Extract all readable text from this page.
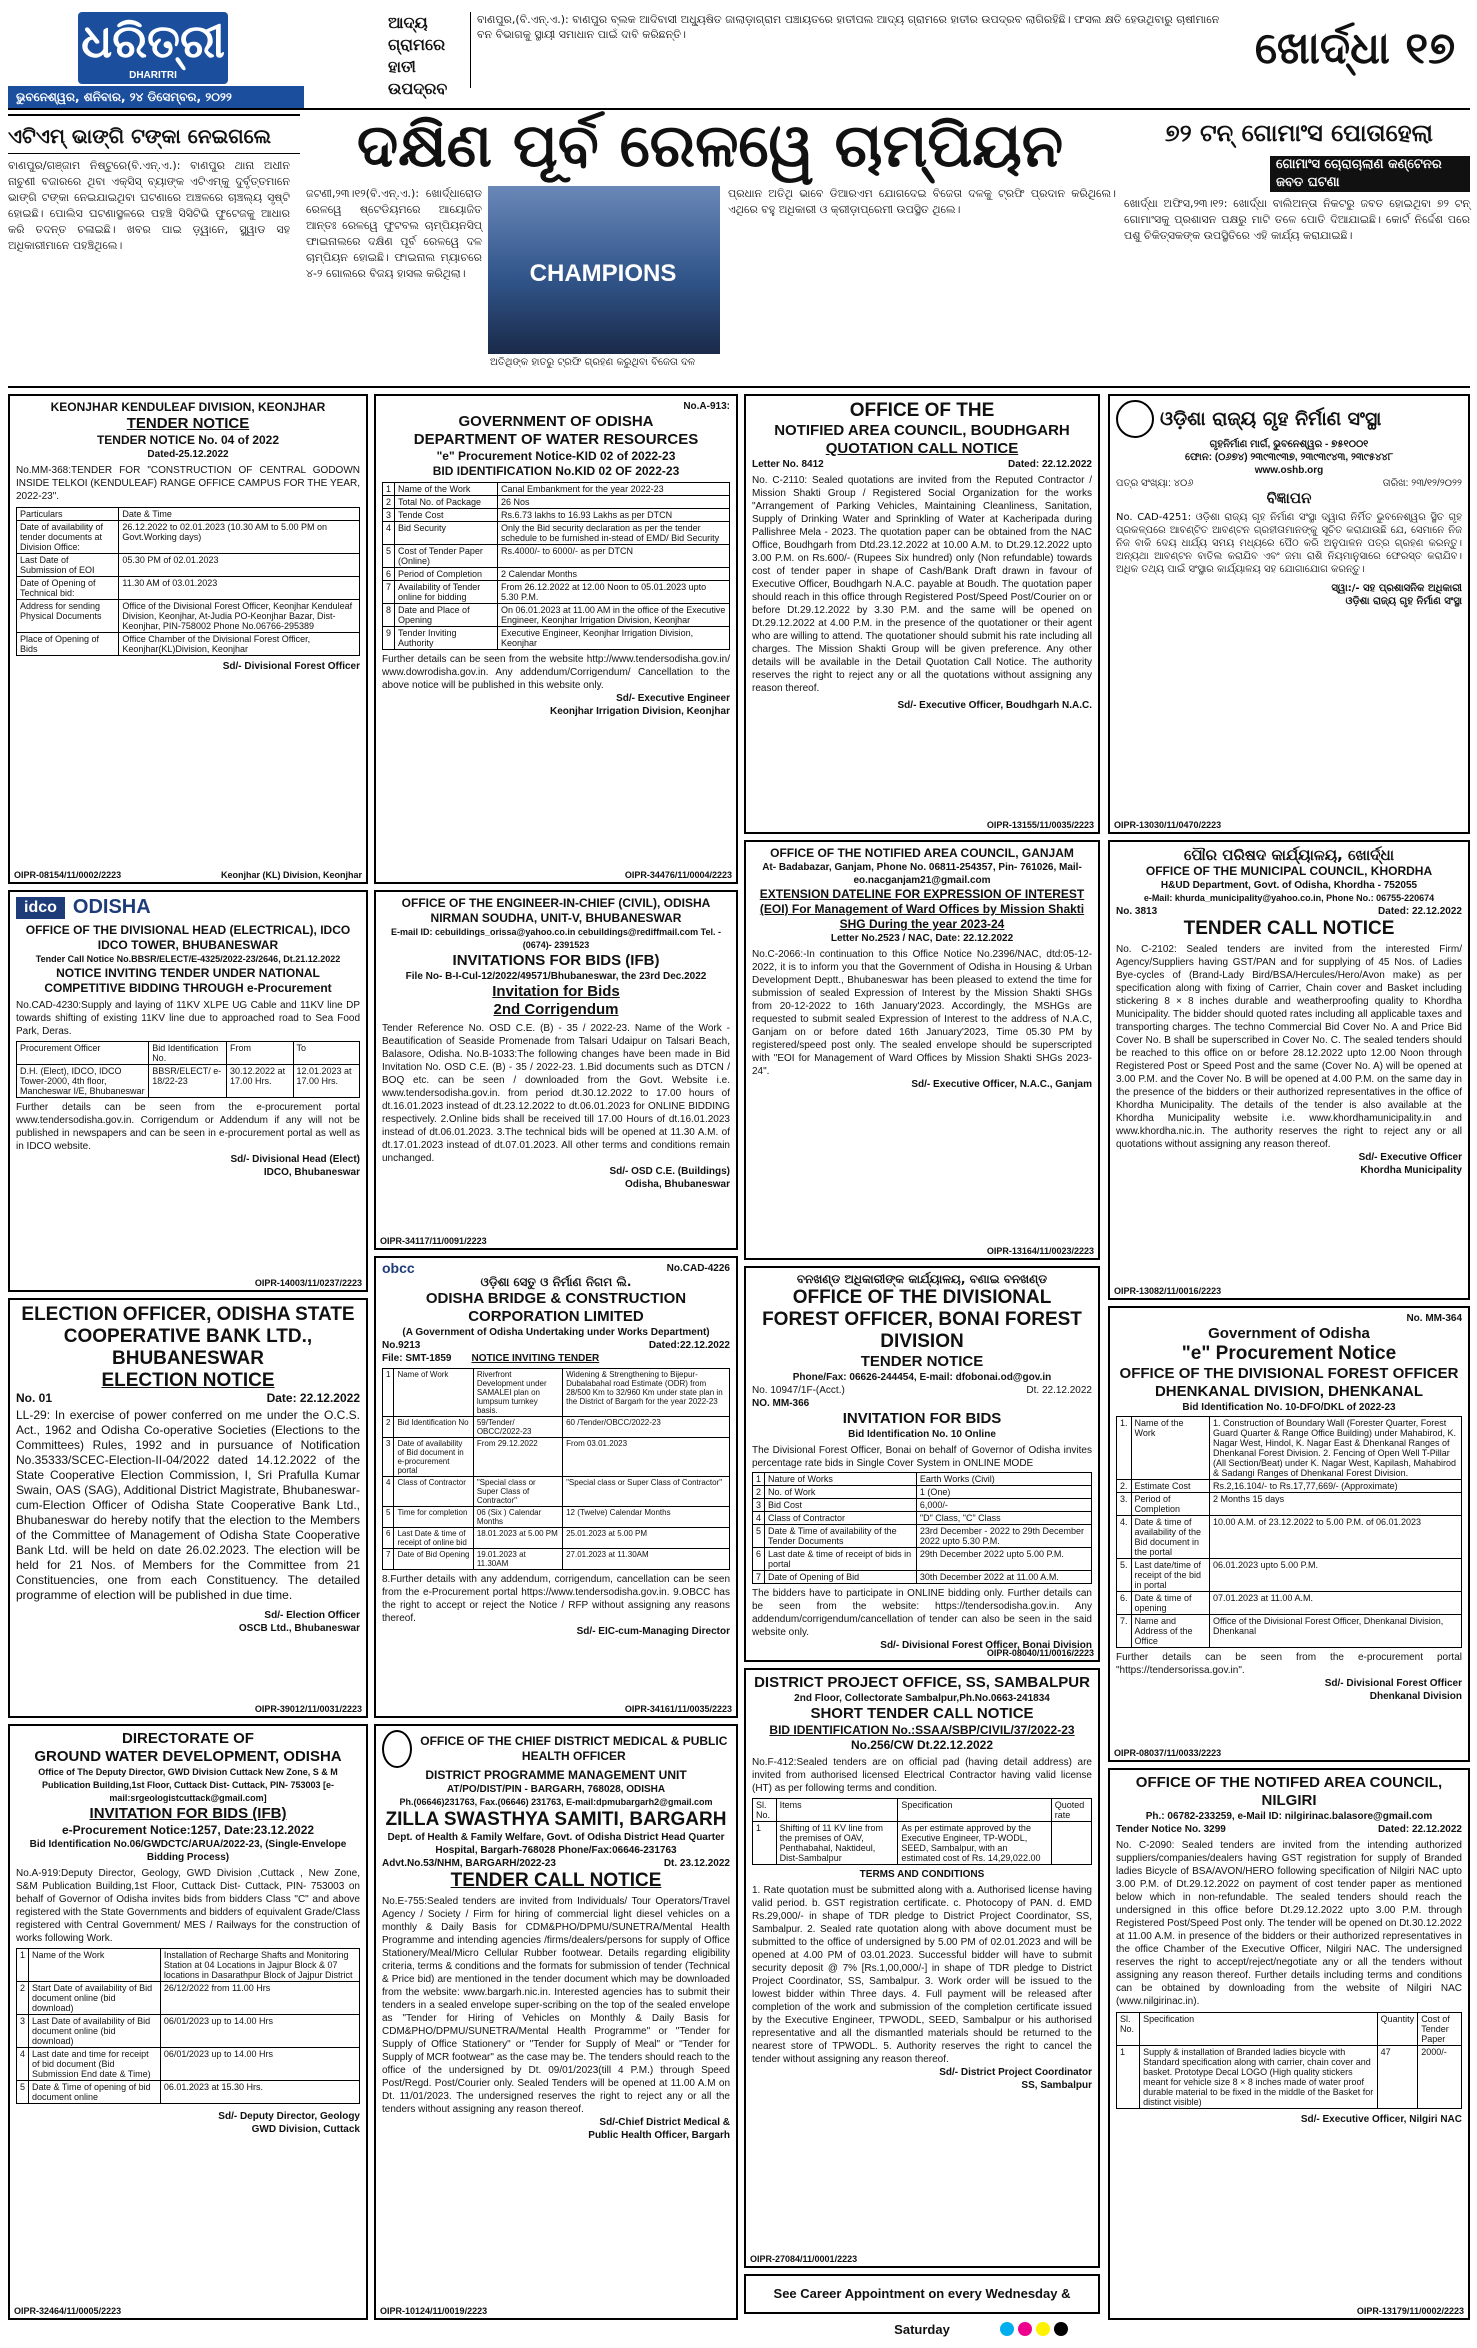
ଧରିତ୍ରୀ
DHARITRI
ଭୁବନେଶ୍ୱର, ଶନିବାର, ୨୪ ଡିସେମ୍ବର, ୨୦୨୨
ଆଦ୍ୟ ଗ୍ରାମରେ ହାତୀ ଉପଦ୍ରବ
ବାଣପୁର,(ବି.ଏନ୍.ଏ.): ବାଣପୁର ବ୍ଲକ ଆଦିବାସୀ ଅଧ୍ୟୁଷିତ ଜାଲାଡ଼ାଗ୍ରାମ ପଞ୍ଚାୟତରେ ହାତୀପଲ ଆଦ୍ୟ ଗ୍ରାମରେ ହାତୀର ଉପଦ୍ରବ ଲାଗିରହିଛି। ଫସଲ କ୍ଷତି ହେଉଥିବାରୁ ଚାଷୀମାନେ ବନ ବିଭାଗକୁ ସ୍ଥାୟୀ ସମାଧାନ ପାଇଁ ଦାବି କରିଛନ୍ତି।	ଖୋର୍ଦ୍ଧା ୧୭
ଏଟିଏମ୍ ଭାଙ୍ଗି ଟଙ୍କା ନେଇଗଲେ
ବାଣପୁର/ଗଞ୍ଜାମ ନିଷ୍ଟୁରେ(ବି.ଏନ୍.ଏ.): ବାଣପୁର ଥାନା ଅଧୀନ ନାଚୁଣୀ ବଜାରରେ ଥିବା ଏକ୍ସିସ୍ ବ୍ୟାଙ୍କ ଏଟିଏମ୍‌କୁ ଦୁର୍ବୃତ୍ତମାନେ ଭାଙ୍ଗି ଟଙ୍କା ନେଇଯାଇଥିବା ଘଟଣାରେ ଅଞ୍ଚଳରେ ଚାଞ୍ଚଲ୍ୟ ସୃଷ୍ଟି ହୋଇଛି। ପୋଲିସ ଘଟଣାସ୍ଥଳରେ ପହଞ୍ଚି ସିସିଟିଭି ଫୁଟେଜକୁ ଆଧାର କରି ତଦନ୍ତ ଚଳାଇଛି। ଖବର ପାଇ ଡ଼୍ୱାନେ, ସ୍କ୍ୱାଡ ସହ ଅଧିକାରୀମାନେ ପହଞ୍ଚିଥିଲେ।
ଦକ୍ଷିଣ ପୂର୍ବ ରେଳୱେ ଚାମ୍ପିୟନ
ଜଟଣୀ,୨୩।୧୨(ବି.ଏନ୍.ଏ.): ଖୋର୍ଦ୍ଧାରୋଡ ରେଳୱେ ଷ୍ଟେଡିୟମରେ ଆୟୋଜିତ ଆନ୍ତଃ ରେଳୱେ ଫୁଟବଲ ଚାମ୍ପିୟନସିପ୍ ଫାଇନାଲରେ ଦକ୍ଷିଣ ପୂର୍ବ ରେଳୱେ ଦଳ ଚାମ୍ପିୟନ ହୋଇଛି। ଫାଇନାଲ ମ୍ୟାଚରେ ୪-୨ ଗୋଲରେ ବିଜୟ ହାସଲ କରିଥିଲା।	CHAMPIONS
ଅତିଥିଙ୍କ ହାତରୁ ଟ୍ରଫି ଗ୍ରହଣ କରୁଥିବା ବିଜେତା ଦଳ
ପ୍ରଧାନ ଅତିଥି ଭାବେ ଡିଆରଏମ ଯୋଗଦେଇ ବିଜେତା ଦଳକୁ ଟ୍ରଫି ପ୍ରଦାନ କରିଥିଲେ। ଏଥିରେ ବହୁ ଅଧିକାରୀ ଓ କ୍ରୀଡ଼ାପ୍ରେମୀ ଉପସ୍ଥିତ ଥିଲେ।
୭୨ ଟନ୍ ଗୋମାଂସ ପୋତାହେଲା
ଗୋମାଂସ ଚୋରାଚାଲାଣ କଣ୍ଟେନର ଜବତ ଘଟଣା
ଖୋର୍ଦ୍ଧା ଅଫିସ,୨୩।୧୨: ଖୋର୍ଦ୍ଧା ବାଲିଅନ୍ତା ନିକଟରୁ ଜବତ ହୋଇଥିବା ୭୨ ଟନ୍ ଗୋମାଂସକୁ ପ୍ରଶାସନ ପକ୍ଷରୁ ମାଟି ତଳେ ପୋତି ଦିଆଯାଇଛି। କୋର୍ଟ ନିର୍ଦ୍ଦେଶ ପରେ ପଶୁ ଚିକିତ୍ସକଙ୍କ ଉପସ୍ଥିତିରେ ଏହି କାର୍ଯ୍ୟ କରାଯାଇଛି।
KEONJHAR KENDULEAF DIVISION, KEONJHAR
TENDER NOTICE
TENDER NOTICE No. 04 of 2022
Dated-25.12.2022
No.MM-368:TENDER FOR "CONSTRUCTION OF CENTRAL GODOWN INSIDE TELKOI (KENDULEAF) RANGE OFFICE CAMPUS FOR THE YEAR, 2022-23".
Particulars	Date & Time
Date of availability of tender documents at Division Office:	26.12.2022 to 02.01.2023 (10.30 AM to 5.00 PM on Govt.Working days)
Last Date of Submission of EOI	05.30 PM of 02.01.2023
Date of Opening of Technical bid:	11.30 AM of 03.01.2023
Address for sending Physical Documents	Office of the Divisional Forest Officer, Keonjhar Kenduleaf Division, Keonjhar, At-Judia PO-Keonjhar Bazar, Dist-Keonjhar, PIN-758002 Phone No.06766-295389
Place of Opening of Bids	Office Chamber of the Divisional Forest Officer, Keonjhar(KL)Division, Keonjhar
Sd/- Divisional Forest Officer
OIPR-08154/11/0002/2223	Keonjhar (KL) Division, Keonjhar
No.A-913:
GOVERNMENT OF ODISHA
DEPARTMENT OF WATER RESOURCES
"e" Procurement Notice-KID 02 of 2022-23
BID IDENTIFICATION No.KID 02 OF 2022-23
1	Name of the Work	Canal Embankment for the year 2022-23
2	Total No. of Package	26 Nos
3	Tende Cost	Rs.6.73 lakhs to 16.93 Lakhs as per DTCN
4	Bid Security	Only the Bid security declaration as per the tender schedule to be furnished in-stead of EMD/ Bid Security
5	Cost of Tender Paper (Online)	Rs.4000/- to 6000/- as per DTCN
6	Period of Completion	2 Calendar Months
7	Availability of Tender online for bidding	From 26.12.2022 at 12.00 Noon to 05.01.2023 upto 5.30 P.M.
8	Date and Place of Opening	On 06.01.2023 at 11.00 AM in the office of the Executive Engineer, Keonjhar Irrigation Division, Keonjhar
9	Tender Inviting Authority	Executive Engineer, Keonjhar Irrigation Division, Keonjhar
Further details can be seen from the website http://www.tendersodisha.gov.in/ www.dowrodisha.gov.in. Any addendum/Corrigendum/ Cancellation to the above notice will be published in this website only.
Sd/- Executive Engineer
Keonjhar Irrigation Division, Keonjhar
OIPR-34476/11/0004/2223
OFFICE OF THE
NOTIFIED AREA COUNCIL, BOUDHGARH
QUOTATION CALL NOTICE
Letter No. 8412	Dated: 22.12.2022
No. C-2110: Sealed quotations are invited from the Reputed Contractor / Mission Shakti Group / Registered Social Organization for the works "Arrangement of Parking Vehicles, Maintaining Cleanliness, Sanitation, Supply of Drinking Water and Sprinkling of Water at Kacheripada during Pallishree Mela - 2023. The quotation paper can be obtained from the NAC Office, Boudhgarh from Dtd.23.12.2022 at 10.00 A.M. to Dt.29.12.2022 upto 3.00 P.M. on Rs.600/- (Rupees Six hundred) only (Non refundable) towards cost of tender paper in shape of Cash/Bank Draft drawn in favour of Executive Officer, Boudhgarh N.A.C. payable at Boudh. The quotation paper should reach in this office through Registered Post/Speed Post/Courier on or before Dt.29.12.2022 by 3.30 P.M. and the same will be opened on Dt.29.12.2022 at 4.00 P.M. in the presence of the quotationer or their agent who are willing to attend. The quotationer should submit his rate including all charges. The Mission Shakti Group will be given preference. Any other details will be available in the Detail Quotation Call Notice. The authority reserves the right to reject any or all the quotations without assigning any reason thereof.
Sd/- Executive Officer, Boudhgarh N.A.C.
OIPR-13155/11/0035/2223
ଓଡ଼ିଶା ରାଜ୍ୟ ଗୃହ ନିର୍ମାଣ ସଂସ୍ଥା
ଗୃହନିର୍ମାଣ ମାର୍ଗ, ଭୁବନେଶ୍ୱର - ୭୫୧୦୦୧
ଫୋନ: (୦୬୭୪) ୨୩୯୩୯୩୭, ୨୩୯୩୯୪୩, ୨୩୯୫୪୪୮
www.oshb.org
ପତ୍ର ସଂଖ୍ୟା: ୪୦୬	ତାରିଖ: ୨୩/୧୨/୨୦୨୨
ବିଜ୍ଞାପନ
No. CAD-4251: ଓଡ଼ିଶା ରାଜ୍ୟ ଗୃହ ନିର୍ମାଣ ସଂସ୍ଥା ଦ୍ୱାରା ନିର୍ମିତ ଭୁବନେଶ୍ୱର ସ୍ଥିତ ଗୃହ ପ୍ରକଳ୍ପରେ ଆବଣ୍ଟିତ ଆବଣ୍ଟନ ଗ୍ରହୀତାମାନଙ୍କୁ ସୂଚିତ କରାଯାଉଛି ଯେ, ସେମାନେ ନିଜ ନିଜ ବାକି ଦେୟ ଧାର୍ଯ୍ୟ ସମୟ ମଧ୍ୟରେ ପୈଠ କରି ଅନୁପାଳନ ପତ୍ର ଗ୍ରହଣ କରନ୍ତୁ। ଅନ୍ୟଥା ଆବଣ୍ଟନ ବାତିଲ କରାଯିବ ଏବଂ ଜମା ରାଶି ନିୟମାନୁସାରେ ଫେରସ୍ତ କରାଯିବ। ଅଧିକ ତଥ୍ୟ ପାଇଁ ସଂସ୍ଥାର କାର୍ଯ୍ୟାଳୟ ସହ ଯୋଗାଯୋଗ କରନ୍ତୁ।
ସ୍ୱା:/- ସହ ପ୍ରଶାସନିକ ଅଧିକାରୀ
ଓଡ଼ିଶା ରାଜ୍ୟ ଗୃହ ନିର୍ମାଣ ସଂସ୍ଥା
OIPR-13030/11/0470/2223
idco ODISHA
OFFICE OF THE DIVISIONAL HEAD (ELECTRICAL), IDCO
IDCO TOWER, BHUBANESWAR
Tender Call Notice No.BBSR/ELECT/E-4325/2022-23/2646, Dt.21.12.2022
NOTICE INVITING TENDER UNDER NATIONAL COMPETITIVE BIDDING THROUGH e-Procurement
No.CAD-4230:Supply and laying of 11KV XLPE UG Cable and 11KV line DP towards shifting of existing 11KV line due to approached road to Sea Food Park, Deras.
Procurement Officer	Bid Identification No.	From	To
D.H. (Elect), IDCO, IDCO Tower-2000, 4th floor, Mancheswar I/E, Bhubaneswar	BBSR/ELECT/ e-18/22-23	30.12.2022 at 17.00 Hrs.	12.01.2023 at 17.00 Hrs.
Further details can be seen from the e-procurement portal www.tendersodisha.gov.in. Corrigendum or Addendum if any will not be published in newspapers and can be seen in e-procurement portal as well as in IDCO website.
Sd/- Divisional Head (Elect)
IDCO, Bhubaneswar
OIPR-14003/11/0237/2223
OFFICE OF THE ENGINEER-IN-CHIEF (CIVIL), ODISHA
NIRMAN SOUDHA, UNIT-V, BHUBANESWAR
E-mail ID: cebuildings_orissa@yahoo.co.in cebuildings@rediffmail.com Tel. -(0674)- 2391523
INVITATIONS FOR BIDS (IFB)
File No- B-I-Cul-12/2022/49571/Bhubaneswar, the 23rd Dec.2022
Invitation for Bids
2nd Corrigendum
Tender Reference No. OSD C.E. (B) - 35 / 2022-23. Name of the Work - Beautification of Seaside Promenade from Talsari Udaipur on Talsari Beach, Balasore, Odisha. No.B-1033:The following changes have been made in Bid Invitation No. OSD C.E. (B) - 35 / 2022-23. 1.Bid documents such as DTCN / BOQ etc. can be seen / downloaded from the Govt. Website i.e. www.tendersodisha.gov.in. from period dt.30.12.2022 to 17.00 hours of dt.16.01.2023 instead of dt.23.12.2022 to dt.06.01.2023 for ONLINE BIDDING respectively. 2.Online bids shall be received till 17.00 Hours of dt.16.01.2023 instead of dt.06.01.2023. 3.The technical bids will be opened at 11.30 A.M. of dt.17.01.2023 instead of dt.07.01.2023. All other terms and conditions remain unchanged.
Sd/- OSD C.E. (Buildings)
Odisha, Bhubaneswar
OIPR-34117/11/0091/2223
OFFICE OF THE NOTIFIED AREA COUNCIL, GANJAM
At- Badabazar, Ganjam, Phone No. 06811-254357, Pin- 761026, Mail-eo.nacganjam21@gmail.com
EXTENSION DATELINE FOR EXPRESSION OF INTEREST (EOI) For Management of Ward Offices by Mission Shakti SHG During the year 2023-24
Letter No.2523 / NAC, Date: 22.12.2022
No.C-2066:-In continuation to this Office Notice No.2396/NAC, dtd:05-12-2022, it is to inform you that the Government of Odisha in Housing & Urban Development Deptt., Bhubaneswar has been pleased to extend the time for submission of sealed Expression of Interest by the Mission Shakti SHGs from 20-12-2022 to 16th January'2023. Accordingly, the MSHGs are requested to submit sealed Expression of Interest to the address of N.A.C, Ganjam on or before dated 16th January'2023, Time 05.30 PM by registered/speed post only. The sealed envelope should be superscripted with "EOI for Management of Ward Offices by Mission Shakti SHGs 2023-24".
Sd/- Executive Officer, N.A.C., Ganjam
OIPR-13164/11/0023/2223
ପୌର ପରିଷଦ କାର୍ଯ୍ୟାଳୟ, ଖୋର୍ଦ୍ଧା
OFFICE OF THE MUNICIPAL COUNCIL, KHORDHA
H&UD Department, Govt. of Odisha, Khordha - 752055
e-Mail: khurda_municipality@yahoo.co.in, Phone No.: 06755-220674
No. 3813	Dated: 22.12.2022
TENDER CALL NOTICE
No. C-2102: Sealed tenders are invited from the interested Firm/ Agency/Suppliers having GST/PAN and for supplying of 45 Nos. of Ladies Bye-cycles of (Brand-Lady Bird/BSA/Hercules/Hero/Avon make) as per specification along with fixing of Carrier, Chain cover and Basket including stickering 8 × 8 inches durable and weatherproofing quality to Khordha Municipality. The bidder should quoted rates including all applicable taxes and transporting charges. The techno Commercial Bid Cover No. A and Price Bid Cover No. B shall be superscribed in Cover No. C. The sealed tenders should be reached to this office on or before 28.12.2022 upto 12.00 Noon through Registered Post or Speed Post and the same (Cover No. A) will be opened at 3.00 P.M. and the Cover No. B will be opened at 4.00 P.M. on the same day in the presence of the bidders or their authorized representatives in the office of Khordha Municipality. The details of the tender is also available at the Khordha Municipality website i.e. www.khordhamunicipality.in and www.khordha.nic.in. The authority reserves the right to reject any or all quotations without assigning any reason thereof.
Sd/- Executive Officer
Khordha Municipality
OIPR-13082/11/0016/2223
ELECTION OFFICER, ODISHA STATE COOPERATIVE BANK LTD., BHUBANESWAR
ELECTION NOTICE
No. 01	Date: 22.12.2022
LL-29: In exercise of power conferred on me under the O.C.S. Act., 1962 and Odisha Co-operative Societies (Elections to the Committees) Rules, 1992 and in pursuance of Notification No.35333/SCEC-Election-II-04/2022 dated 14.12.2022 of the State Cooperative Election Commission, I, Sri Prafulla Kumar Swain, OAS (SAG), Additional District Magistrate, Bhubaneswar-cum-Election Officer of Odisha State Cooperative Bank Ltd., Bhubaneswar do hereby notify that the election to the Members of the Committee of Management of Odisha State Cooperative Bank Ltd. will be held on date 26.02.2023. The election will be held for 21 Nos. of Members for the Committee from 21 Constituencies, one from each Constituency. The detailed programme of election will be published in due time.
Sd/- Election Officer
OSCB Ltd., Bhubaneswar
OIPR-39012/11/0031/2223
obcc	No.CAD-4226
ଓଡ଼ିଶା ସେତୁ ଓ ନିର୍ମାଣ ନିଗମ ଲି.
ODISHA BRIDGE & CONSTRUCTION CORPORATION LIMITED
(A Government of Odisha Undertaking under Works Department)
No.9213	Dated:22.12.2022
File: SMT-1859 NOTICE INVITING TENDER
1	Name of Work	Riverfront Development under SAMALEI plan on lumpsum turnkey basis.	Widening & Strengthening to Bijepur- Dubalabahal road Estimate (ODR) from 28/500 Km to 32/960 Km under state plan in the District of Bargarh for the year 2022-23
2	Bid Identification No	59/Tender/ OBCC/2022-23	60 /Tender/OBCC/2022-23
3	Date of availability of Bid document in e-procurement portal	From 29.12.2022	From 03.01.2023
4	Class of Contractor	"Special class or Super Class of Contractor"	"Special class or Super Class of Contractor"
5	Time for completion	06 (Six ) Calendar Months	12 (Twelve) Calendar Months
6	Last Date & time of receipt of online bid	18.01.2023 at 5.00 PM	25.01.2023 at 5.00 PM
7	Date of Bid Opening	19.01.2023 at 11.30AM	27.01.2023 at 11.30AM
8.Further details with any addendum, corrigendum, cancellation can be seen from the e-Procurement portal https://www.tendersodisha.gov.in. 9.OBCC has the right to accept or reject the Notice / RFP without assigning any reasons thereof.
Sd/- EIC-cum-Managing Director
OIPR-34161/11/0035/2223
ବନଖଣ୍ଡ ଅଧିକାରୀଙ୍କ କାର୍ଯ୍ୟାଳୟ, ବଣାଇ ବନଖଣ୍ଡ
OFFICE OF THE DIVISIONAL FOREST OFFICER, BONAI FOREST DIVISION
TENDER NOTICE
Phone/Fax: 06626-244454, E-mail: dfobonai.od@gov.in
No. 10947/1F-(Acct.)	Dt. 22.12.2022
NO. MM-366
INVITATION FOR BIDS
Bid Identification No. 10 Online
The Divisional Forest Officer, Bonai on behalf of Governor of Odisha invites percentage rate bids in Single Cover System in ONLINE MODE
1	Nature of Works	Earth Works (Civil)
2	No. of Work	1 (One)
3	Bid Cost	6,000/-
4	Class of Contractor	"D" Class, "C" Class
5	Date & Time of availability of the Tender Documents	23rd December - 2022 to 29th December 2022 upto 5.30 P.M.
6	Last date & time of receipt of bids in portal	29th December 2022 upto 5.00 P.M.
7	Date of Opening of Bid	30th December 2022 at 11.00 A.M.
The bidders have to participate in ONLINE bidding only. Further details can be seen from the website: https://tendersodisha.gov.in. Any addendum/corrigendum/cancellation of tender can also be seen in the said website only.
Sd/- Divisional Forest Officer, Bonai Division
OIPR-08040/11/0016/2223
No. MM-364
Government of Odisha
"e" Procurement Notice
OFFICE OF THE DIVISIONAL FOREST OFFICER DHENKANAL DIVISION, DHENKANAL
Bid Identification No. 10-DFO/DKL of 2022-23
1.	Name of the Work	1. Construction of Boundary Wall (Forester Quarter, Forest Guard Quarter & Range Office Building) under Mahabirod, K. Nagar West, Hindol, K. Nagar East & Dhenkanal Ranges of Dhenkanal Forest Division. 2. Fencing of Open Well T-Pillar (All Section/Beat) under K. Nagar West, Kapilash, Mahabirod & Sadangi Ranges of Dhenkanal Forest Division.
2.	Estimate Cost	Rs.2,16.104/- to Rs.17,77,669/- (Approximate)
3.	Period of Completion	2 Months 15 days
4.	Date & time of availability of the Bid document in the portal	10.00 A.M. of 23.12.2022 to 5.00 P.M. of 06.01.2023
5.	Last date/time of receipt of the bid in portal	06.01.2023 upto 5.00 P.M.
6.	Date & time of opening	07.01.2023 at 11.00 A.M.
7.	Name and Address of the Office	Office of the Divisional Forest Officer, Dhenkanal Division, Dhenkanal
Further details can be seen from the e-procurement portal "https://tendersorissa.gov.in".
Sd/- Divisional Forest Officer
Dhenkanal Division
OIPR-08037/11/0033/2223
DIRECTORATE OF
GROUND WATER DEVELOPMENT, ODISHA
Office of The Deputy Director, GWD Division Cuttack New Zone, S & M Publication Building,1st Floor, Cuttack Dist- Cuttack, PIN- 753003 [e-mail:srgeologistcuttack@gmail.com]
INVITATION FOR BIDS (IFB)
e-Procurement Notice:1257, Date:23.12.2022
Bid Identification No.06/GWDCTC/ARUA/2022-23, (Single-Envelope Bidding Process)
No.A-919:Deputy Director, Geology, GWD Division ,Cuttack , New Zone, S&M Publication Building,1st Floor, Cuttack Dist- Cuttack, PIN- 753003 on behalf of Governor of Odisha invites bids from bidders Class "C" and above registered with the State Governments and bidders of equivalent Grade/Class registered with Central Government/ MES / Railways for the construction of works following Work.
1	Name of the Work	Installation of Recharge Shafts and Monitoring Station at 04 Locations in Jajpur Block & 07 locations in Dasarathpur Block of Jajpur District
2	Start Date of availability of Bid document online (bid download)	26/12/2022 from 11.00 Hrs
3	Last Date of availability of Bid document online (bid download)	06/01/2023 up to 14.00 Hrs
4	Last date and time for receipt of bid document (Bid Submission End date & Time)	06/01/2023 up to 14.00 Hrs
5	Date & Time of opening of bid document online	06.01.2023 at 15.30 Hrs.
Sd/- Deputy Director, Geology
GWD Division, Cuttack
OIPR-32464/11/0005/2223
OFFICE OF THE CHIEF DISTRICT MEDICAL & PUBLIC HEALTH OFFICER
DISTRICT PROGRAMME MANAGEMENT UNIT
AT/PO/DIST/PIN - BARGARH, 768028, ODISHA
Ph.(06646)231763, Fax.(06646) 231763, E-mail:dpmubargarh2@gmail.com
ZILLA SWASTHYA SAMITI, BARGARH
Dept. of Health & Family Welfare, Govt. of Odisha District Head Quarter Hospital, Bargarh-768028 Phone/Fax:06646-231763
Advt.No.53/NHM, BARGARH/2022-23	Dt. 23.12.2022
TENDER CALL NOTICE
No.E-755:Sealed tenders are invited from Individuals/ Tour Operators/Travel Agency / Society / Firm for hiring of commercial light diesel vehicles on a monthly & Daily Basis for CDM&PHO/DPMU/SUNETRA/Mental Health Programme and intending agencies /firms/dealers/persons for supply of Office Stationery/Meal/Micro Cellular Rubber footwear. Details regarding eligibility criteria, terms & conditions and the formats for submission of tender (Technical & Price bid) are mentioned in the tender document which may be downloaded from the website: www.bargarh.nic.in. Interested agencies has to submit their tenders in a sealed envelope super-scribing on the top of the sealed envelope as "Tender for Hiring of Vehicles on Monthly & Daily Basis for CDM&PHO/DPMU/SUNETRA/Mental Health Programme" or "Tender for Supply of Office Stationery" or "Tender for Supply of Meal" or "Tender for Supply of MCR footwear" as the case may be. The tenders should reach to the office of the undersigned by Dt. 09/01/2023(till 4 P.M.) through Speed Post/Regd. Post/Courier only. Sealed Tenders will be opened at 11.00 A.M on Dt. 11/01/2023. The undersigned reserves the right to reject any or all the tenders without assigning any reason thereof.
Sd/-Chief District Medical &
Public Health Officer, Bargarh
OIPR-10124/11/0019/2223
DISTRICT PROJECT OFFICE, SS, SAMBALPUR
2nd Floor, Collectorate Sambalpur,Ph.No.0663-241834
SHORT TENDER CALL NOTICE
BID IDENTIFICATION No.:SSAA/SBP/CIVIL/37/2022-23
No.256/CW Dt.22.12.2022
No.F-412:Sealed tenders are on official pad (having detail address) are invited from authorised licensed Electrical Contractor having valid license (HT) as per following terms and condition.
Sl. No.	Items	Specification	Quoted rate
1	Shifting of 11 KV line from the premises of OAV, Penthabahal, Naktideul, Dist-Sambalpur	As per estimate approved by the Executive Engineer, TP-WODL, SEED, Sambalpur, with an estimated cost of Rs. 14,29,022.00	
TERMS AND CONDITIONS
1. Rate quotation must be submitted along with a. Authorised license having valid period. b. GST registration certificate. c. Photocopy of PAN. d. EMD Rs.29,000/- in shape of TDR pledge to District Project Coordinator, SS, Sambalpur. 2. Sealed rate quotation along with above document must be submitted to the office of undersigned by 5.00 PM of 02.01.2023 and will be opened at 4.00 PM of 03.01.2023. Successful bidder will have to submit security deposit @ 7% [Rs.1,00,000/-] in shape of TDR pledge to District Project Coordinator, SS, Sambalpur. 3. Work order will be issued to the lowest bidder within Three days. 4. Full payment will be released after completion of the work and submission of the completion certificate issued by the Executive Engineer, TPWODL, SEED, Sambalpur or his authorised representative and all the dismantled materials should be returned to the nearest store of TPWODL. 5. Authority reserves the right to cancel the tender without assigning any reason thereof.
Sd/- District Project Coordinator
SS, Sambalpur
OIPR-27084/11/0001/2223
See Career Appointment on every Wednesday & Saturday
OFFICE OF THE NOTIFED AREA COUNCIL, NILGIRI
Ph.: 06782-233259, e-Mail ID: nilgirinac.balasore@gmail.com
Tender Notice No. 3299	Dated: 22.12.2022
No. C-2090: Sealed tenders are invited from the intending authorized suppliers/companies/dealers having GST registration for supply of Branded ladies Bicycle of BSA/AVON/HERO following specification of Nilgiri NAC upto 3.00 P.M. of Dt.29.12.2022 on payment of cost tender paper as mentioned below which in non-refundable. The sealed tenders should reach the undersigned in this office before Dt.29.12.2022 upto 3.00 P.M. through Registered Post/Speed Post only. The tender will be opened on Dt.30.12.2022 at 11.00 A.M. in presence of the bidders or their authorized representatives in the office Chamber of the Executive Officer, Nilgiri NAC. The undersigned reserves the right to accept/reject/negotiate any or all the tenders without assigning any reason thereof. Further details including terms and conditions can be obtained by downloading from the website of Nilgiri NAC (www.nilgirinac.in).
Sl. No.	Specification	Quantity	Cost of Tender Paper
1	Supply & installation of Branded ladies bicycle with Standard specification along with carrier, chain cover and basket. Prototype Decal LOGO (High quality stickers meant for vehicle size 8 × 8 inches made of water proof durable material to be fixed in the middle of the Basket for distinct visible)	47	2000/-
Sd/- Executive Officer, Nilgiri NAC
OIPR-13179/11/0002/2223
